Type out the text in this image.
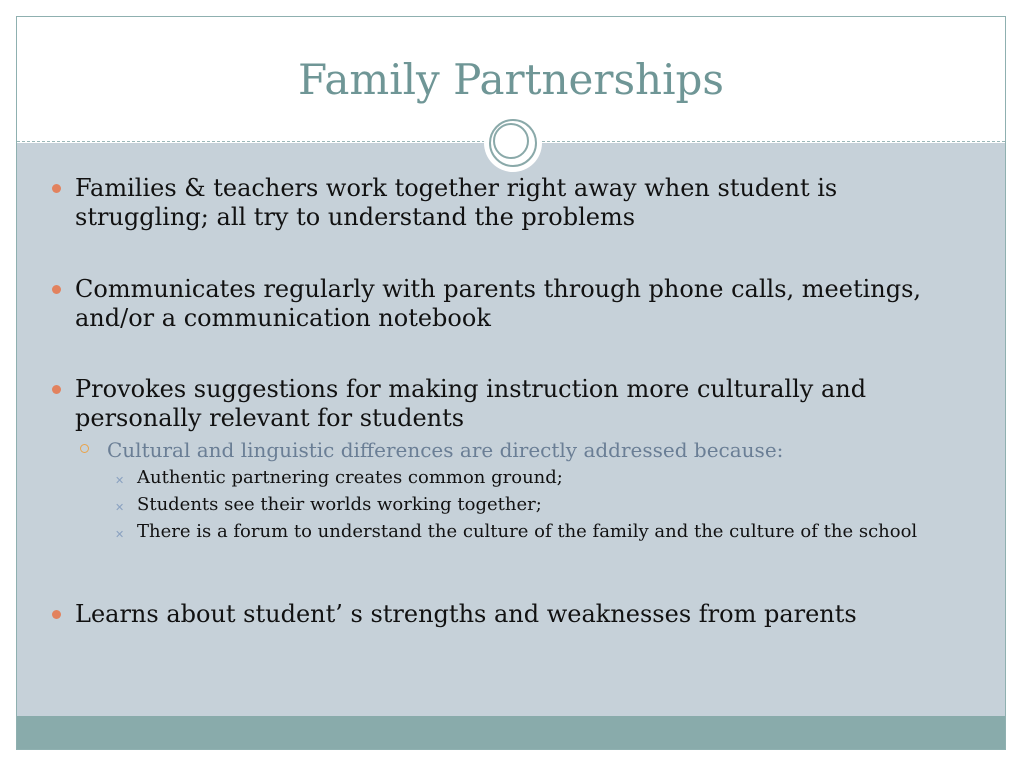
Family Partnerships
Families & teachers work together right away when student is struggling; all try to understand the problems
Communicates regularly with parents through phone calls, meetings, and/or a communication notebook
Provokes suggestions for making instruction more culturally and personally relevant for students
Cultural and linguistic differences are directly addressed because:
✕ Authentic partnering creates common ground;
✕ Students see their worlds working together;
✕ There is a forum to understand the culture of the family and the culture of the school
Learns about student’ s strengths and weaknesses from parents
